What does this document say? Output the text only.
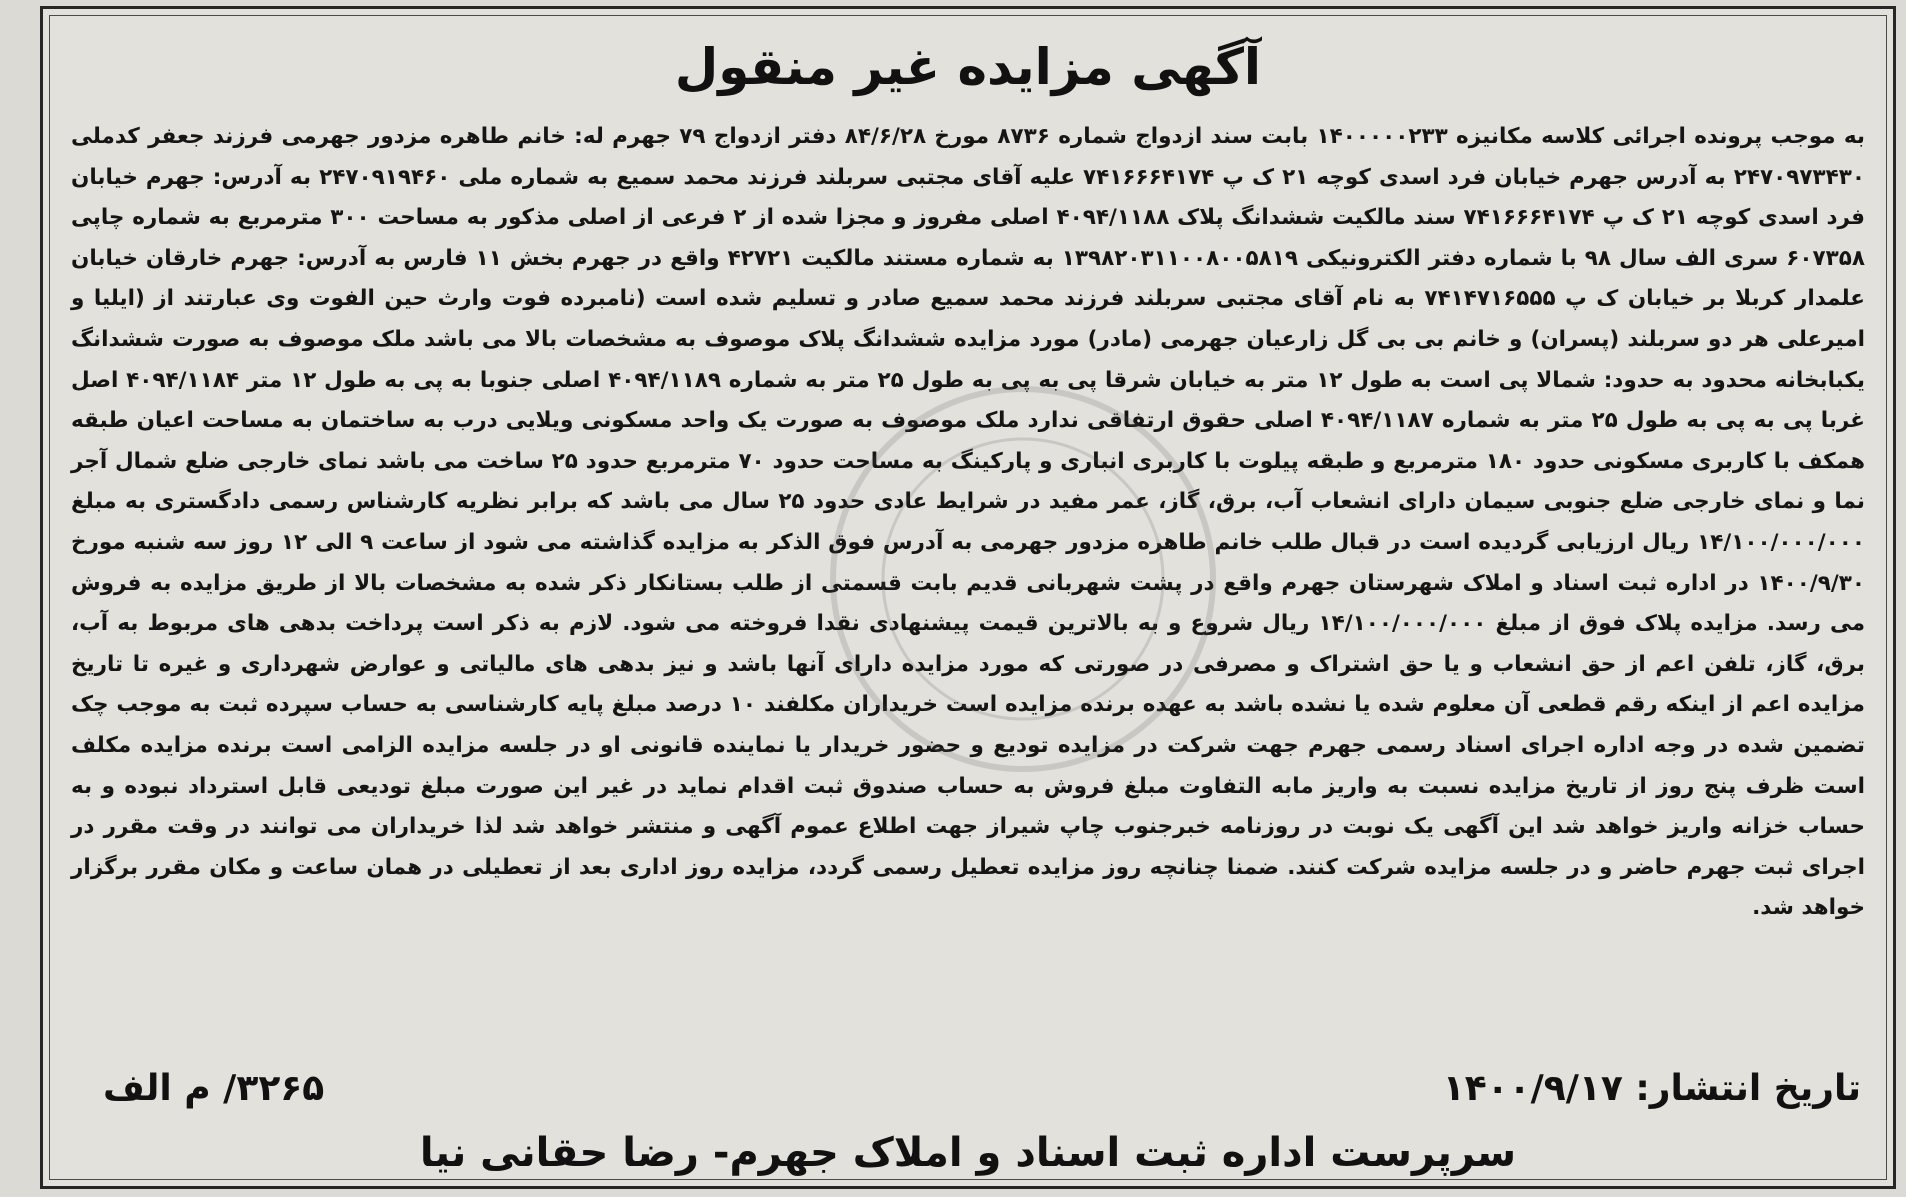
آگهی مزایده غیر منقول

به موجب پرونده اجرائی کلاسه مکانیزه ۱۴۰۰۰۰۰۲۳۳ بابت سند ازدواج شماره ۸۷۳۶ مورخ ۸۴/۶/۲۸ دفتر ازدواج ۷۹ جهرم له: خانم طاهره مزدور جهرمی فرزند جعفر کدملی ۲۴۷۰۹۷۳۴۳۰ به آدرس جهرم خیابان فرد اسدی کوچه ۲۱ ک پ ۷۴۱۶۶۶۴۱۷۴ علیه آقای مجتبی سربلند فرزند محمد سمیع به شماره ملی ۲۴۷۰۹۱۹۴۶۰ به آدرس: جهرم خیابان فرد اسدی کوچه ۲۱ ک پ ۷۴۱۶۶۶۴۱۷۴ سند مالکیت ششدانگ پلاک ۴۰۹۴/۱۱۸۸ اصلی مفروز و مجزا شده از ۲ فرعی از اصلی مذکور به مساحت ۳۰۰ مترمربع به شماره چاپی ۶۰۷۳۵۸ سری الف سال ۹۸ با شماره دفتر الکترونیکی ۱۳۹۸۲۰۳۱۱۰۰۸۰۰۵۸۱۹ به شماره مستند مالکیت ۴۲۷۲۱ واقع در جهرم بخش ۱۱ فارس به آدرس: جهرم خارقان خیابان علمدار کربلا بر خیابان ک پ ۷۴۱۴۷۱۶۵۵۵ به نام آقای مجتبی سربلند فرزند محمد سمیع صادر و تسلیم شده است (نامبرده فوت وارث حین الفوت وی عبارتند از (ایلیا و امیرعلی هر دو سربلند (پسران) و خانم بی بی گل زارعیان جهرمی (مادر) مورد مزایده ششدانگ پلاک موصوف به مشخصات بالا می باشد ملک موصوف به صورت ششدانگ یکبابخانه محدود به حدود: شمالا پی است به طول ۱۲ متر به خیابان شرقا پی به پی به طول ۲۵ متر به شماره ۴۰۹۴/۱۱۸۹ اصلی جنوبا به پی به طول ۱۲ متر ۴۰۹۴/۱۱۸۴ اصل غربا پی به پی به طول ۲۵ متر به شماره ۴۰۹۴/۱۱۸۷ اصلی حقوق ارتفاقی ندارد ملک موصوف به صورت یک واحد مسکونی ویلایی درب به ساختمان به مساحت اعیان طبقه همکف با کاربری مسکونی حدود ۱۸۰ مترمربع و طبقه پیلوت با کاربری انباری و پارکینگ به مساحت حدود ۷۰ مترمربع حدود ۲۵ ساخت می باشد نمای خارجی ضلع شمال آجر نما و نمای خارجی ضلع جنوبی سیمان دارای انشعاب آب، برق، گاز، عمر مفید در شرایط عادی حدود ۲۵ سال می باشد که برابر نظریه کارشناس رسمی دادگستری به مبلغ ۱۴/۱۰۰/۰۰۰/۰۰۰ ریال ارزیابی گردیده است در قبال طلب خانم طاهره مزدور جهرمی به آدرس فوق الذکر به مزایده گذاشته می شود از ساعت ۹ الی ۱۲ روز سه شنبه مورخ ۱۴۰۰/۹/۳۰ در اداره ثبت اسناد و املاک شهرستان جهرم واقع در پشت شهربانی قدیم بابت قسمتی از طلب بستانکار ذکر شده به مشخصات بالا از طریق مزایده به فروش می رسد. مزایده پلاک فوق از مبلغ ۱۴/۱۰۰/۰۰۰/۰۰۰ ریال شروع و به بالاترین قیمت پیشنهادی نقدا فروخته می شود. لازم به ذکر است پرداخت بدهی های مربوط به آب، برق، گاز، تلفن اعم از حق انشعاب و یا حق اشتراک و مصرفی در صورتی که مورد مزایده دارای آنها باشد و نیز بدهی های مالیاتی و عوارض شهرداری و غیره تا تاریخ مزایده اعم از اینکه رقم قطعی آن معلوم شده یا نشده باشد به عهده برنده مزایده است خریداران مکلفند ۱۰ درصد مبلغ پایه کارشناسی به حساب سپرده ثبت به موجب چک تضمین شده در وجه اداره اجرای اسناد رسمی جهرم جهت شرکت در مزایده تودیع و حضور خریدار یا نماینده قانونی او در جلسه مزایده الزامی است برنده مزایده مکلف است ظرف پنج روز از تاریخ مزایده نسبت به واریز مابه التفاوت مبلغ فروش به حساب صندوق ثبت اقدام نماید در غیر این صورت مبلغ تودیعی قابل استرداد نبوده و به حساب خزانه واریز خواهد شد این آگهی یک نوبت در روزنامه خبرجنوب چاپ شیراز جهت اطلاع عموم آگهی و منتشر خواهد شد لذا خریداران می توانند در وقت مقرر در اجرای ثبت جهرم حاضر و در جلسه مزایده شرکت کنند. ضمنا چنانچه روز مزایده تعطیل رسمی گردد، مزایده روز اداری بعد از تعطیلی در همان ساعت و مکان مقرر برگزار خواهد شد.

تاریخ انتشار: ۱۴۰۰/۹/۱۷
۳۲۶۵/ م الف
سرپرست اداره ثبت اسناد و املاک جهرم- رضا حقانی نیا
